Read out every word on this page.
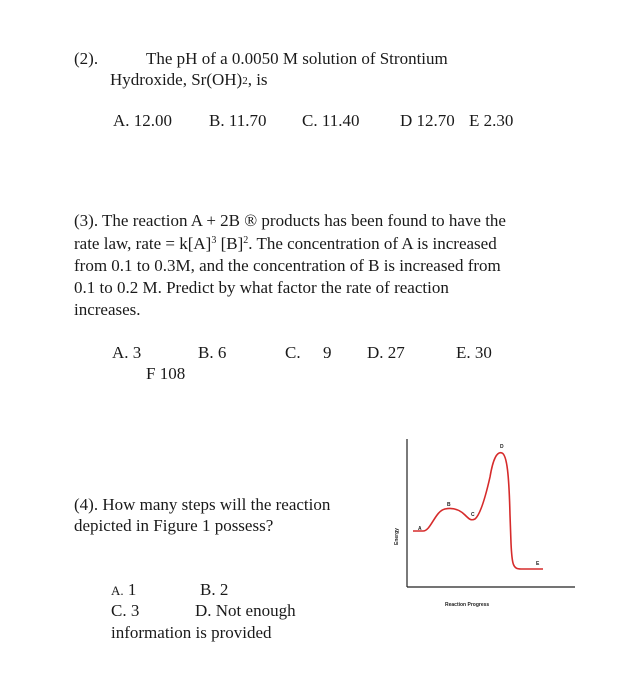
(2).	The pH of a 0.0050 M solution of Strontium
Hydroxide, $Sr(OH)_2$, is
A. 12.00 B. 11.70 C. 11.40 D 12.70 E 2.30
(3). The reaction A + 2B ® products has been found to have the
rate law, rate = $k[A]^3$ $[B]^2$. The concentration of A is increased
from 0.1 to 0.3M, and the concentration of B is increased from
0.1 to 0.2 M. Predict by what factor the rate of reaction
increases.
A. 3	B. 6	C. 9 D. 27	E. 30
F 108
(4). How many steps will the reaction
depicted in Figure 1 possess?
A. 1	B. 2
C. 3	D. Not enough
information is provided
A
B
C
D
E
Energy
Reaction Progress
